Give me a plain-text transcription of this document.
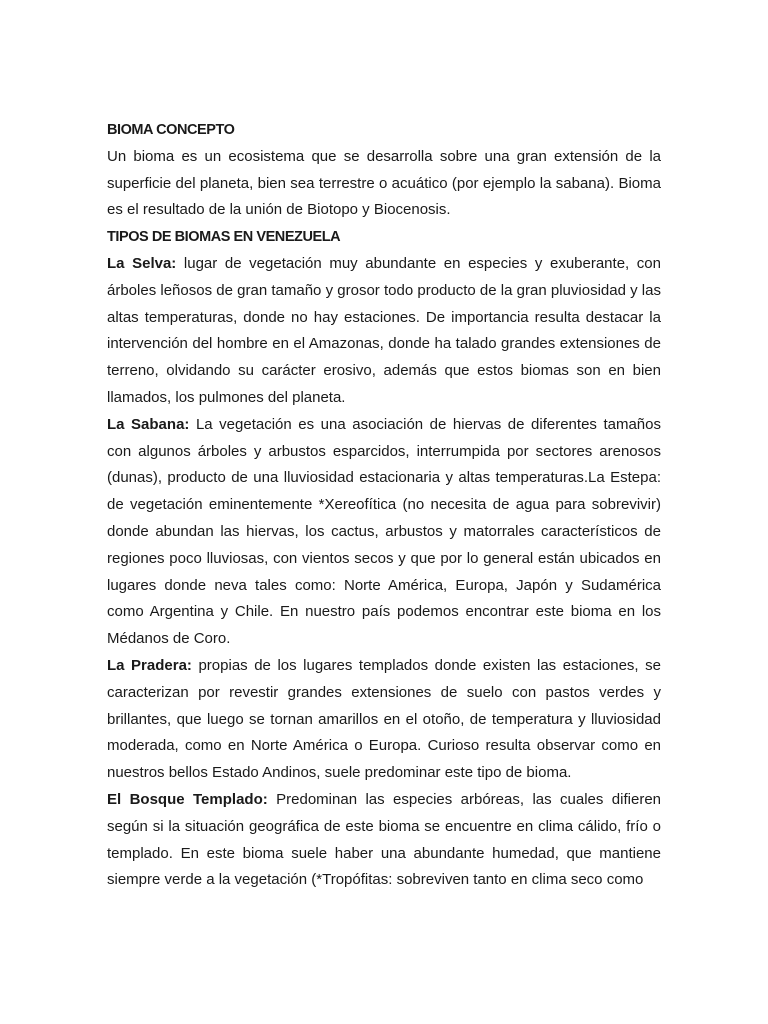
BIOMA CONCEPTO

Un bioma es un ecosistema que se desarrolla sobre una gran extensión de la superficie del planeta, bien sea terrestre o acuático (por ejemplo la sabana). Bioma es el resultado de la unión de Biotopo y Biocenosis.

TIPOS DE BIOMAS EN VENEZUELA

La Selva: lugar de vegetación muy abundante en especies y exuberante, con árboles leñosos de gran tamaño y grosor todo producto de la gran pluviosidad y las altas temperaturas, donde no hay estaciones. De importancia resulta destacar la intervención del hombre en el Amazonas, donde ha talado grandes extensiones de terreno, olvidando su carácter erosivo, además que estos biomas son en bien llamados, los pulmones del planeta.

La Sabana: La vegetación es una asociación de hiervas de diferentes tamaños con algunos árboles y arbustos esparcidos, interrumpida por sectores arenosos (dunas), producto de una lluviosidad estacionaria y altas temperaturas.La Estepa: de vegetación eminentemente *Xereofítica (no necesita de agua para sobrevivir) donde abundan las hiervas, los cactus, arbustos y matorrales característicos de regiones poco lluviosas, con vientos secos y que por lo general están ubicados en lugares donde neva tales como: Norte América, Europa, Japón y Sudamérica como Argentina y Chile. En nuestro país podemos encontrar este bioma en los Médanos de Coro.

La Pradera: propias de los lugares templados donde existen las estaciones, se caracterizan por revestir grandes extensiones de suelo con pastos verdes y brillantes, que luego se tornan amarillos en el otoño, de temperatura y lluviosidad moderada, como en Norte América o Europa. Curioso resulta observar como en nuestros bellos Estado Andinos, suele predominar este tipo de bioma.

El Bosque Templado: Predominan las especies arbóreas, las cuales difieren según si la situación geográfica de este bioma se encuentre en clima cálido, frío o templado. En este bioma suele haber una abundante humedad, que mantiene siempre verde a la vegetación (*Tropófitas: sobreviven tanto en clima seco como
